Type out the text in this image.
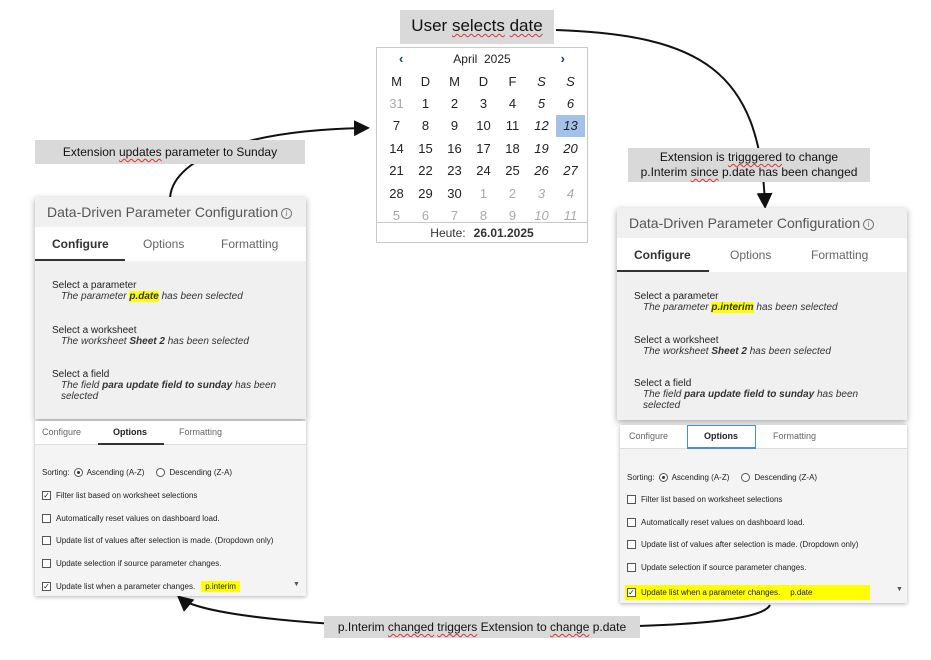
User selects date
Extension updates parameter to Sunday	Extension is trigggered to change
p.Interim since p.date has been changed
p.Interim changed triggers Extension to change p.date
‹	April 2025	›
M	D	M	D	F	S	S
31	1	2	3	4	5	6
7	8	9	10	11	12	13
14	15	16	17	18	19	20
21	22	23	24	25	26	27
28	29	30	1	2	3	4
5	6	7	8	9	10	11
Heute: 26.01.2025
Data-Driven Parameter Configuration i
Configure	Options	Formatting
Select a parameter
The parameter p.date has been selected
Select a worksheet
The worksheet Sheet 2 has been selected
Select a field
The field para update field to sunday has been
selected
Data-Driven Parameter Configuration i
Configure	Options	Formatting
Select a parameter
The parameter p.interim has been selected
Select a worksheet
The worksheet Sheet 2 has been selected
Select a field
The field para update field to sunday has been
selected
Configure	Options	Formatting
Sorting: Ascending (A-Z)	Descending (Z-A)
✓ Filter list based on worksheet selections
Automatically reset values on dashboard load.
Update list of values after selection is made. (Dropdown only)
Update selection if source parameter changes.
✓ Update list when a parameter changes.	p.interim	▼
Configure	Options	Formatting
Sorting: Ascending (A-Z)	Descending (Z-A)
Filter list based on worksheet selections
Automatically reset values on dashboard load.
Update list of values after selection is made. (Dropdown only)
Update selection if source parameter changes.
✓ Update list when a parameter changes.	p.date	▼
